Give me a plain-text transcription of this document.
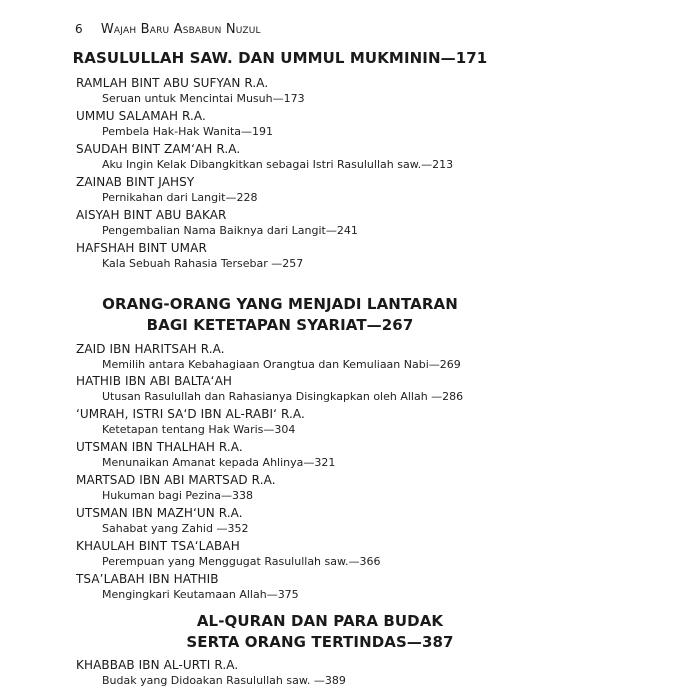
6 Wajah Baru Asbabun Nuzul
RASULULLAH SAW. DAN UMMUL MUKMININ—171
RAMLAH BINT ABU SUFYAN R.A.
Seruan untuk Mencintai Musuh—173
UMMU SALAMAH R.A.
Pembela Hak-Hak Wanita—191
SAUDAH BINT ZAM‘AH R.A.
Aku Ingin Kelak Dibangkitkan sebagai Istri Rasulullah saw.—213
ZAINAB BINT JAHSY
Pernikahan dari Langit—228
AISYAH BINT ABU BAKAR
Pengembalian Nama Baiknya dari Langit—241
HAFSHAH BINT UMAR
Kala Sebuah Rahasia Tersebar —257
ORANG-ORANG YANG MENJADI LANTARAN
BAGI KETETAPAN SYARIAT—267
ZAID IBN HARITSAH R.A.
Memilih antara Kebahagiaan Orangtua dan Kemuliaan Nabi—269
HATHIB IBN ABI BALTA‘AH
Utusan Rasulullah dan Rahasianya Disingkapkan oleh Allah —286
‘UMRAH, ISTRI SA‘D IBN AL-RABI‘ R.A.
Ketetapan tentang Hak Waris—304
UTSMAN IBN THALHAH R.A.
Menunaikan Amanat kepada Ahlinya—321
MARTSAD IBN ABI MARTSAD R.A.
Hukuman bagi Pezina—338
UTSMAN IBN MAZH‘UN R.A.
Sahabat yang Zahid —352
KHAULAH BINT TSA‘LABAH
Perempuan yang Menggugat Rasulullah saw.—366
TSA’LABAH IBN HATHIB
Mengingkari Keutamaan Allah—375
AL-QURAN DAN PARA BUDAK
SERTA ORANG TERTINDAS—387
KHABBAB IBN AL-URTI R.A.
Budak yang Didoakan Rasulullah saw. —389
